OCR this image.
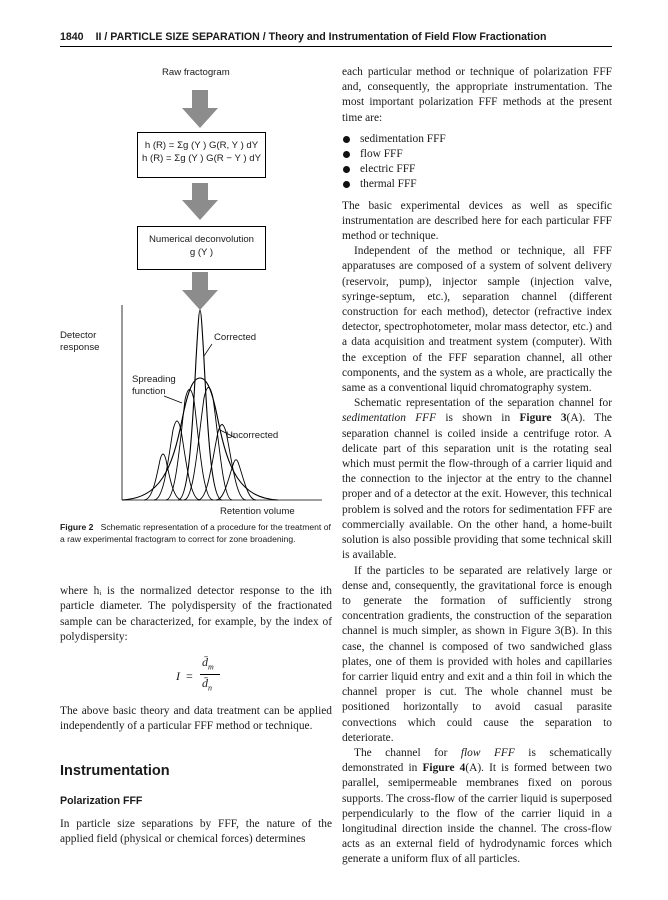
1840 II / PARTICLE SIZE SEPARATION / Theory and Instrumentation of Field Flow Fractionation
Raw fractogram
h (R) = Σg (Y ) G(R, Y ) dY
h (R) = Σg (Y ) G(R − Y ) dY
Numerical deconvolution
g (Y )
Detector
response
Corrected
Spreading
function
Uncorrected
Retention volume
Figure 2 Schematic representation of a procedure for the treatment of a raw experimental fractogram to correct for zone broadening.

where hᵢ is the normalized detector response to the ith particle diameter. The polydispersity of the fractionated sample can be characterized, for example, by the index of polydispersity:

I =
$d̄_m$
$d̄_n$

The above basic theory and data treatment can be applied independently of a particular FFF method or technique.

Instrumentation
Polarization FFF

In particle size separations by FFF, the nature of the applied field (physical or chemical forces) determines

each particular method or technique of polarization FFF and, consequently, the appropriate instrumentation. The most important polarization FFF methods at the present time are:

sedimentation FFF
flow FFF
electric FFF
thermal FFF

The basic experimental devices as well as specific instrumentation are described here for each particular FFF method or technique.

Independent of the method or technique, all FFF apparatuses are composed of a system of solvent delivery (reservoir, pump), injector sample (injection valve, syringe-septum, etc.), separation channel (different construction for each method), detector (refractive index detector, spectrophotometer, molar mass detector, etc.) and a data acquisition and treatment system (computer). With the exception of the FFF separation channel, all other components, and the system as a whole, are practically the same as a conventional liquid chromatography system.

Schematic representation of the separation channel for sedimentation FFF is shown in Figure 3(A). The separation channel is coiled inside a centrifuge rotor. A delicate part of this separation unit is the rotating seal which must permit the flow-through of a carrier liquid and the connection to the injector at the entry to the channel proper and of a detector at the exit. However, this technical problem is solved and the rotors for sedimentation FFF are commercially available. On the other hand, a home-built solution is also possible providing that some technical skill is available.

If the particles to be separated are relatively large or dense and, consequently, the gravitational force is enough to generate the formation of sufficiently strong concentration gradients, the construction of the separation channel is much simpler, as shown in Figure 3(B). In this case, the channel is composed of two sandwiched glass plates, one of them is provided with holes and capillaries for carrier liquid entry and exit and a thin foil in which the channel proper is cut. The whole channel must be positioned horizontally to avoid casual parasite convections which could cause the separation to deteriorate.

The channel for flow FFF is schematically demonstrated in Figure 4(A). It is formed between two parallel, semipermeable membranes fixed on porous supports. The cross-flow of the carrier liquid is superposed perpendicularly to the flow of the carrier liquid in a longitudinal direction inside the channel. The cross-flow acts as an external field of hydrodynamic forces which generate a uniform flux of all particles.
